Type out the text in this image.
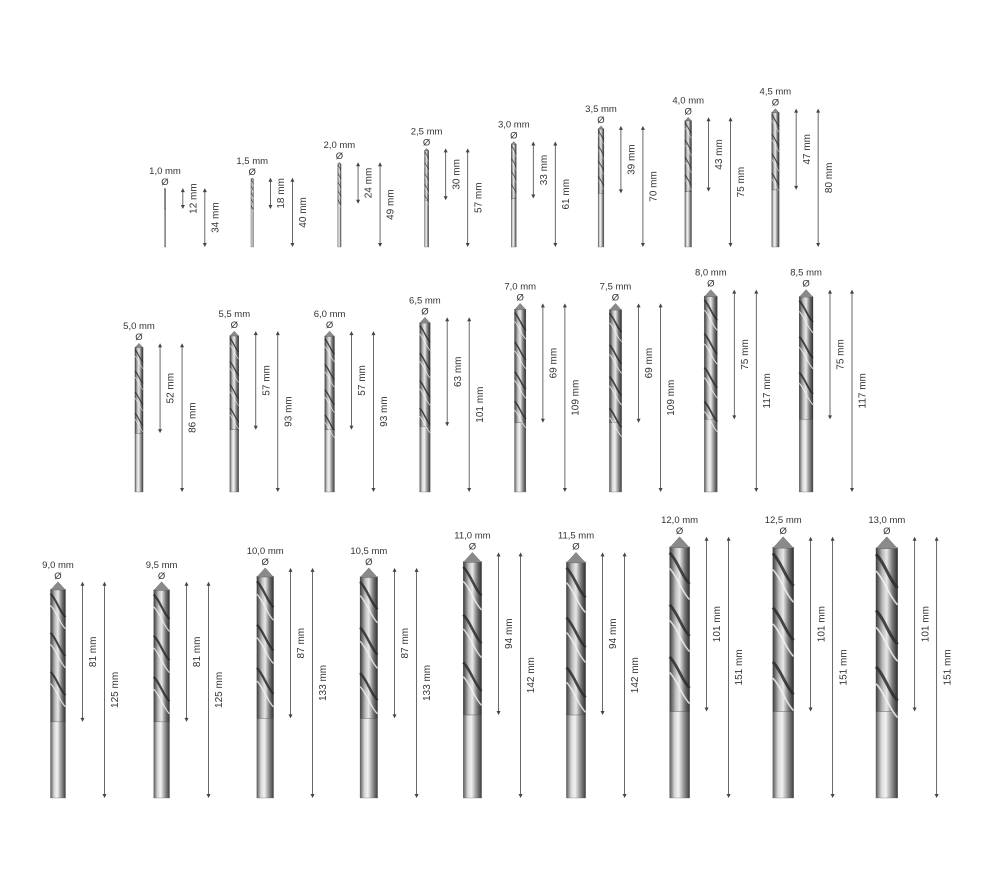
1,0 mm
Ø
12 mm
34 mm
1,5 mm
Ø
18 mm
40 mm
2,0 mm
Ø
24 mm
49 mm
2,5 mm
Ø
30 mm
57 mm
3,0 mm
Ø
33 mm
61 mm
3,5 mm
Ø
39 mm
70 mm
4,0 mm
Ø
43 mm
75 mm
4,5 mm
Ø
47 mm
80 mm
5,0 mm
Ø
52 mm
86 mm
5,5 mm
Ø
57 mm
93 mm
6,0 mm
Ø
57 mm
93 mm
6,5 mm
Ø
63 mm
101 mm
7,0 mm
Ø
69 mm
109 mm
7,5 mm
Ø
69 mm
109 mm
8,0 mm
Ø
75 mm
117 mm
8,5 mm
Ø
75 mm
117 mm
9,0 mm
Ø
81 mm
125 mm
9,5 mm
Ø
81 mm
125 mm
10,0 mm
Ø
87 mm
133 mm
10,5 mm
Ø
87 mm
133 mm
11,0 mm
Ø
94 mm
142 mm
11,5 mm
Ø
94 mm
142 mm
12,0 mm
Ø
101 mm
151 mm
12,5 mm
Ø
101 mm
151 mm
13,0 mm
Ø
101 mm
151 mm
